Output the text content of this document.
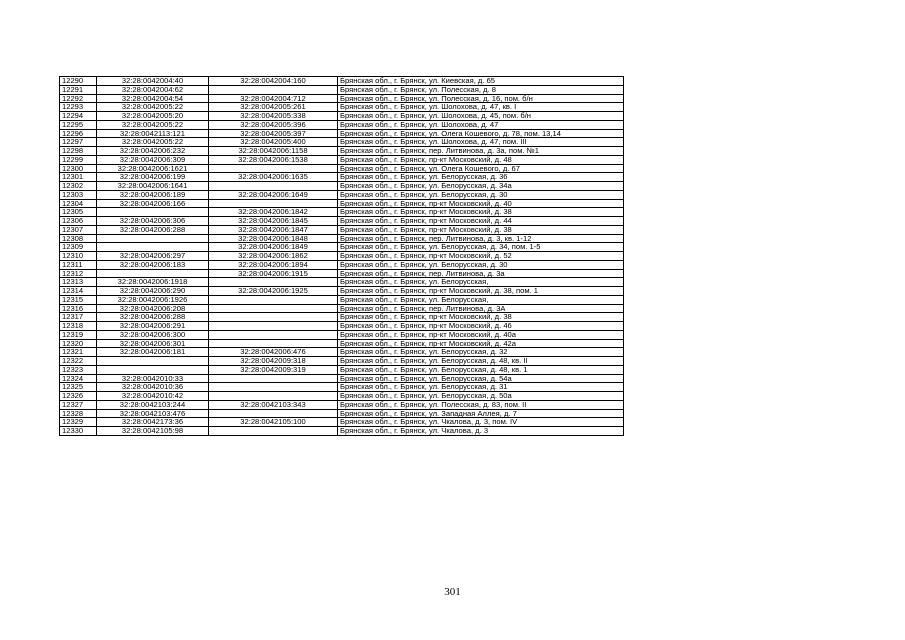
12290	32:28:0042004:40	32:28:0042004:160	Брянская обл., г. Брянск, ул. Киевская, д. 65
12291	32:28:0042004:62		Брянская обл., г. Брянск, ул. Полесская, д. 8
12292	32:28:0042004:54	32:28:0042004:712	Брянская обл., г. Брянск, ул. Полесская, д. 16, пом. б/н
12293	32:28:0042005:22	32:28:0042005:261	Брянская обл., г. Брянск, ул. Шолохова, д. 47, кв. I
12294	32:28:0042005:20	32:28:0042005:338	Брянская обл., г. Брянск, ул. Шолохова, д. 45, пом. б/н
12295	32:28:0042005:22	32:28:0042005:396	Брянская обл., г. Брянск, ул. Шолохова, д. 47
12296	32:28:0042113:121	32:28:0042005:397	Брянская обл., г. Брянск, ул. Олега Кошевого, д. 78, пом. 13,14
12297	32:28:0042005:22	32:28:0042005:400	Брянская обл., г. Брянск, ул. Шолохова, д. 47, пом. III
12298	32:28:0042006:232	32:28:0042006:1158	Брянская обл., г. Брянск, пер. Литвинова, д. 3а, пом. №1
12299	32:28:0042006:309	32:28:0042006:1538	Брянская обл., г. Брянск, пр-кт Московский, д. 48
12300	32:28:0042006:1621		Брянская обл., г. Брянск, ул. Олега Кошевого, д. 67
12301	32:28:0042006:199	32:28:0042006:1635	Брянская обл., г. Брянск, ул. Белорусская, д. 36
12302	32:28:0042006:1641		Брянская обл., г. Брянск, ул. Белорусская, д. 34а
12303	32:28:0042006:189	32:28:0042006:1649	Брянская обл., г. Брянск, ул. Белорусская, д. 30
12304	32:28:0042006:166		Брянская обл., г. Брянск, пр-кт Московский, д. 40
12305		32:28:0042006:1842	Брянская обл., г. Брянск, пр-кт Московский, д. 38
12306	32:28:0042006:306	32:28:0042006:1845	Брянская обл., г. Брянск, пр-кт Московский, д. 44
12307	32:28:0042006:288	32:28:0042006:1847	Брянская обл., г. Брянск, пр-кт Московский, д. 38
12308		32:28:0042006:1848	Брянская обл., г. Брянск, пер. Литвинова, д. 3, кв. 1-12
12309		32:28:0042006:1849	Брянская обл., г. Брянск, ул. Белорусская, д. 34, пом. 1-5
12310	32:28:0042006:297	32:28:0042006:1862	Брянская обл., г. Брянск, пр-кт Московский, д. 52
12311	32:28:0042006:183	32:28:0042006:1894	Брянская обл., г. Брянск, ул. Белорусская, д. 30
12312		32:28:0042006:1915	Брянская обл., г. Брянск, пер. Литвинова, д. 3а
12313	32:28:0042006:1918		Брянская обл., г. Брянск, ул. Белорусская,
12314	32:28:0042006:290	32:28:0042006:1925	Брянская обл., г. Брянск, пр-кт Московский, д. 38, пом. 1
12315	32:28:0042006:1926		Брянская обл., г. Брянск, ул. Белорусская,
12316	32:28:0042006:208		Брянская обл., г. Брянск, пер. Литвинова, д. 3А
12317	32:28:0042006:288		Брянская обл., г. Брянск, пр-кт Московский, д. 38
12318	32:28:0042006:291		Брянская обл., г. Брянск, пр-кт Московский, д. 46
12319	32:28:0042006:300		Брянская обл., г. Брянск, пр-кт Московский, д. 40а
12320	32:28:0042006:301		Брянская обл., г. Брянск, пр-кт Московский, д. 42а
12321	32:28:0042006:181	32:28:0042006:476	Брянская обл., г. Брянск, ул. Белорусская, д. 32
12322		32:28:0042009:318	Брянская обл., г. Брянск, ул. Белорусская, д. 48, кв. II
12323		32:28:0042009:319	Брянская обл., г. Брянск, ул. Белорусская, д. 48, кв. 1
12324	32:28:0042010:33		Брянская обл., г. Брянск, ул. Белорусская, д. 54а
12325	32:28:0042010:36		Брянская обл., г. Брянск, ул. Белорусская, д. 31
12326	32:28:0042010:42		Брянская обл., г. Брянск, ул. Белорусская, д. 50а
12327	32:28:0042103:244	32:28:0042103:343	Брянская обл., г. Брянск, ул. Полесская, д. 83, пом. II
12328	32:28:0042103:476		Брянская обл., г. Брянск, ул. Западная Аллея, д. 7
12329	32:28:0042173:36	32:28:0042105:100	Брянская обл., г. Брянск, ул. Чкалова, д. 3, пом. IV
12330	32:28:0042105:98		Брянская обл., г. Брянск, ул. Чкалова, д. 3
301
